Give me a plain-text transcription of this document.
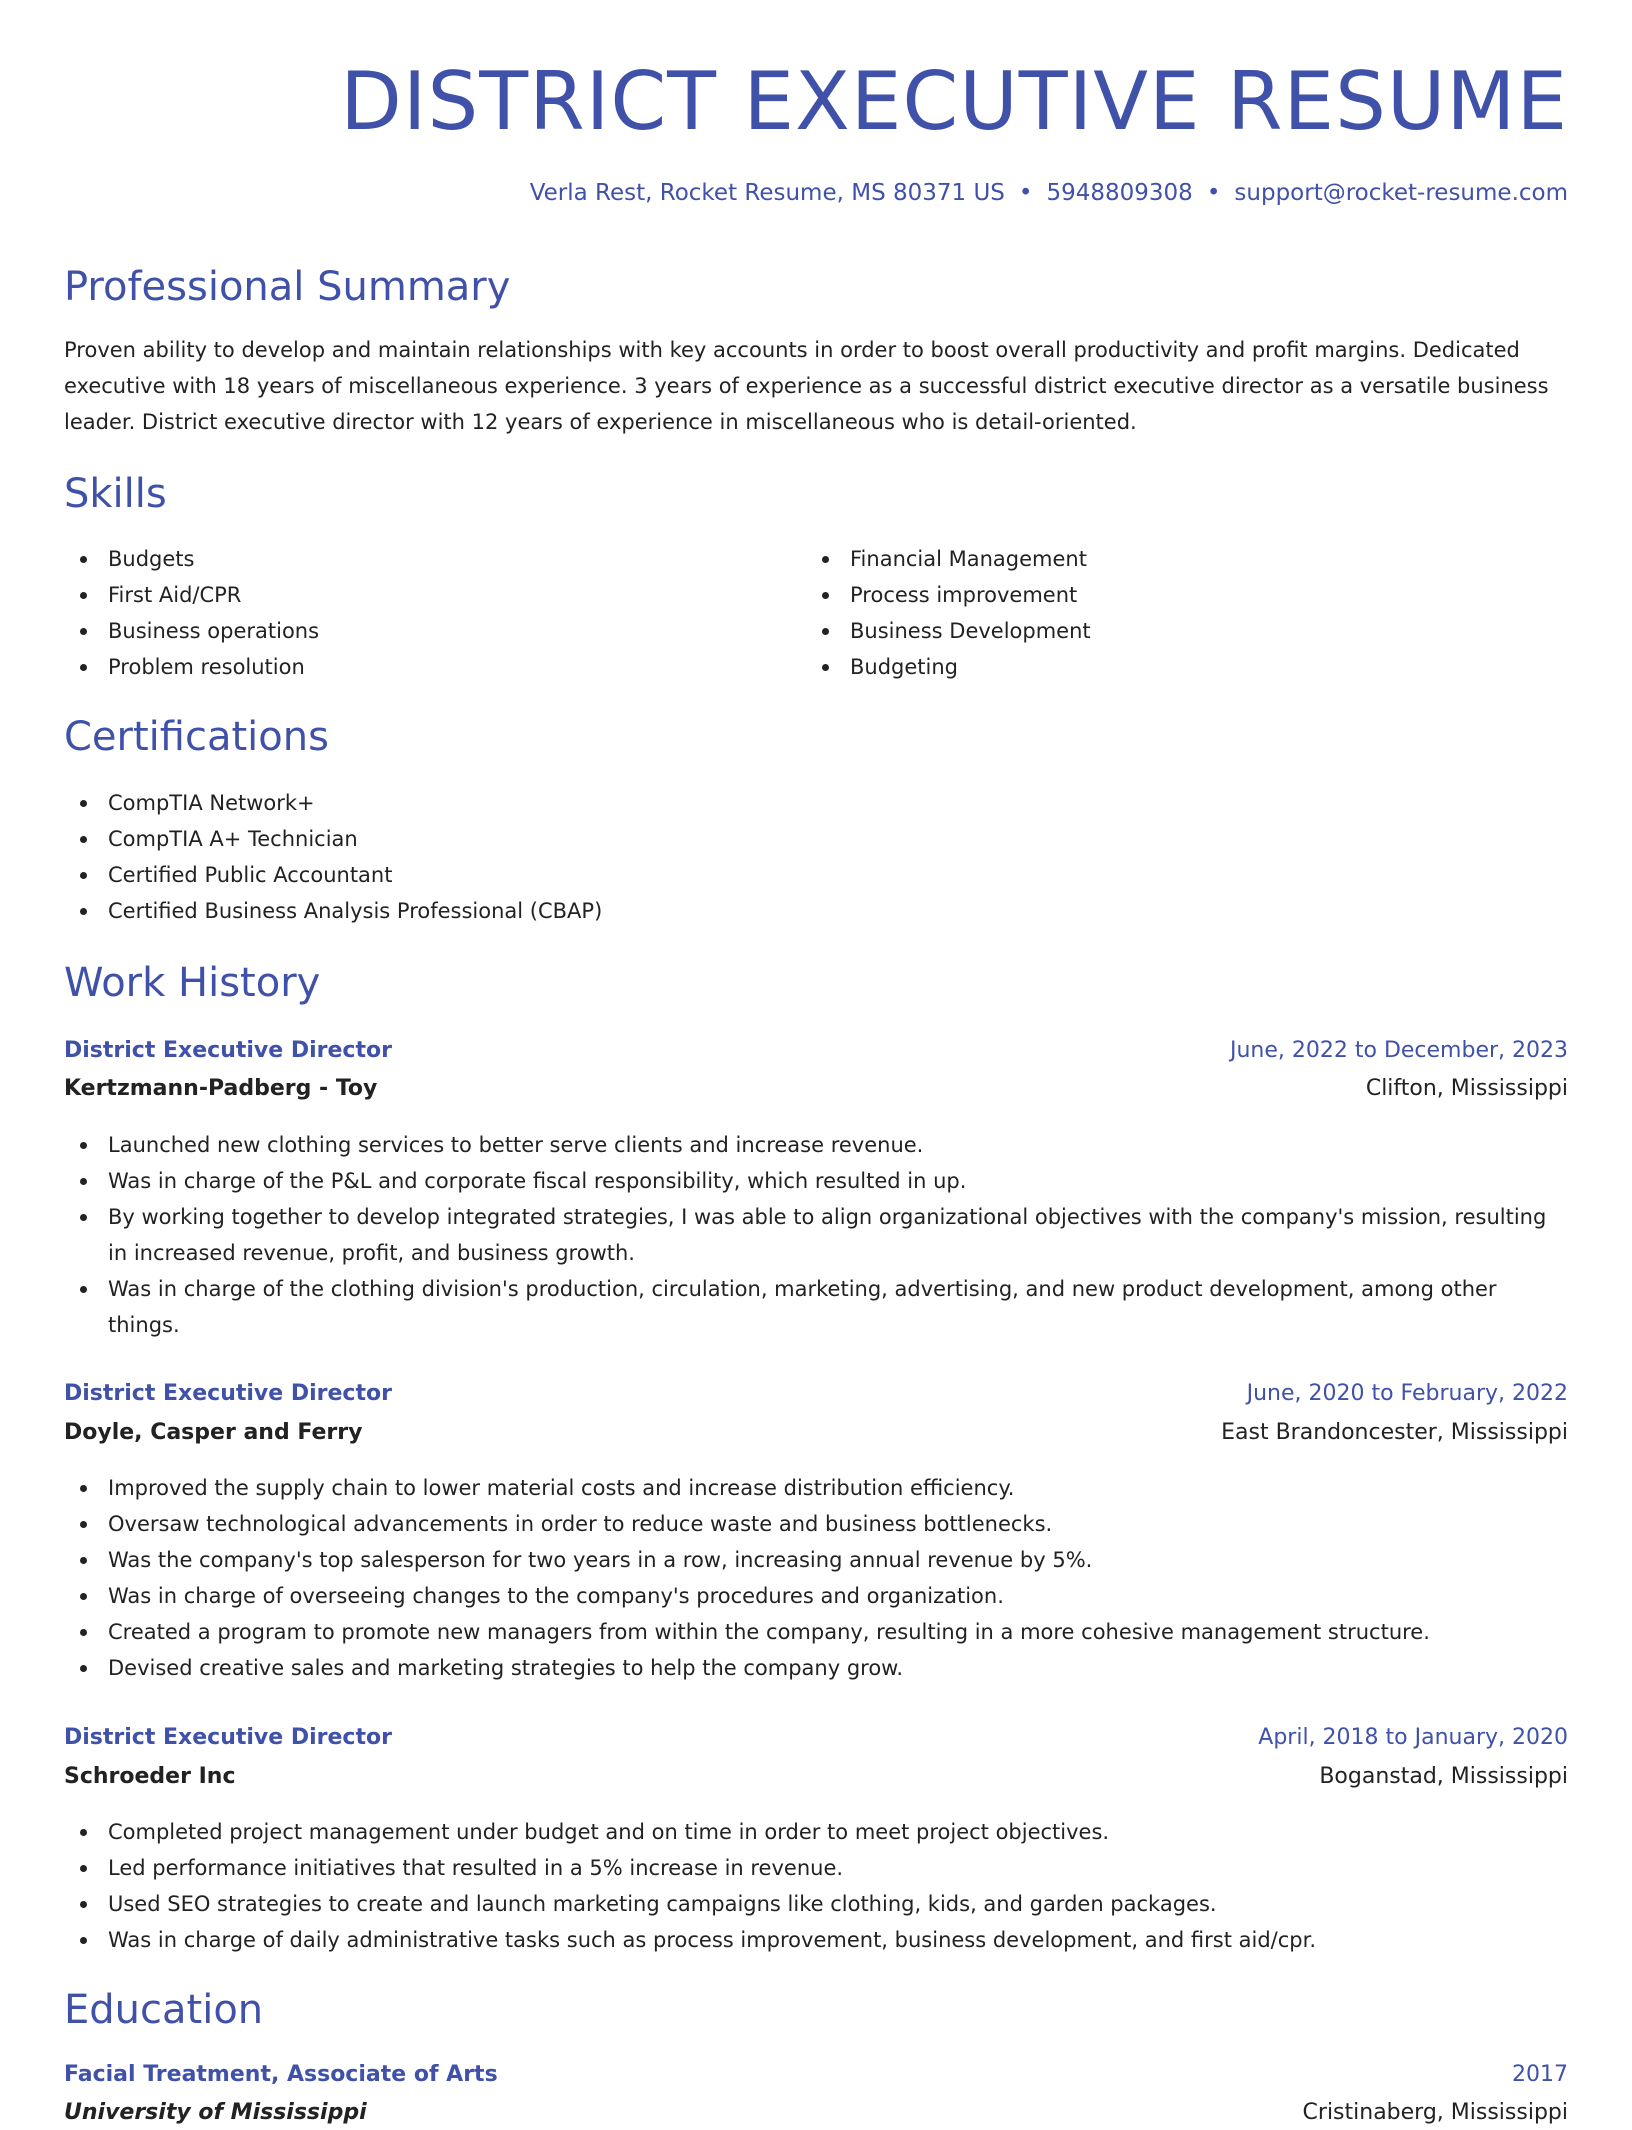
DISTRICT EXECUTIVE RESUME
Verla Rest, Rocket Resume, MS 80371 US • 5948809308 • support@rocket-resume.com
Professional Summary
Proven ability to develop and maintain relationships with key accounts in order to boost overall productivity and profit margins. Dedicated executive with 18 years of miscellaneous experience. 3 years of experience as a successful district executive director as a versatile business leader. District executive director with 12 years of experience in miscellaneous who is detail-oriented.
Skills
Budgets
First Aid/CPR
Business operations
Problem resolution
Financial Management
Process improvement
Business Development
Budgeting
Certifications
CompTIA Network+
CompTIA A+ Technician
Certified Public Accountant
Certified Business Analysis Professional (CBAP)
Work History
District Executive Director	June, 2022 to December, 2023
Kertzmann-Padberg - Toy	Clifton, Mississippi
Launched new clothing services to better serve clients and increase revenue.
Was in charge of the P&L and corporate fiscal responsibility, which resulted in up.
By working together to develop integrated strategies, I was able to align organizational objectives with the company's mission, resulting in increased revenue, profit, and business growth.
Was in charge of the clothing division's production, circulation, marketing, advertising, and new product development, among other things.
District Executive Director	June, 2020 to February, 2022
Doyle, Casper and Ferry	East Brandoncester, Mississippi
Improved the supply chain to lower material costs and increase distribution efficiency.
Oversaw technological advancements in order to reduce waste and business bottlenecks.
Was the company's top salesperson for two years in a row, increasing annual revenue by 5%.
Was in charge of overseeing changes to the company's procedures and organization.
Created a program to promote new managers from within the company, resulting in a more cohesive management structure.
Devised creative sales and marketing strategies to help the company grow.
District Executive Director	April, 2018 to January, 2020
Schroeder Inc	Boganstad, Mississippi
Completed project management under budget and on time in order to meet project objectives.
Led performance initiatives that resulted in a 5% increase in revenue.
Used SEO strategies to create and launch marketing campaigns like clothing, kids, and garden packages.
Was in charge of daily administrative tasks such as process improvement, business development, and first aid/cpr.
Education
Facial Treatment, Associate of Arts	2017
University of Mississippi	Cristinaberg, Mississippi
